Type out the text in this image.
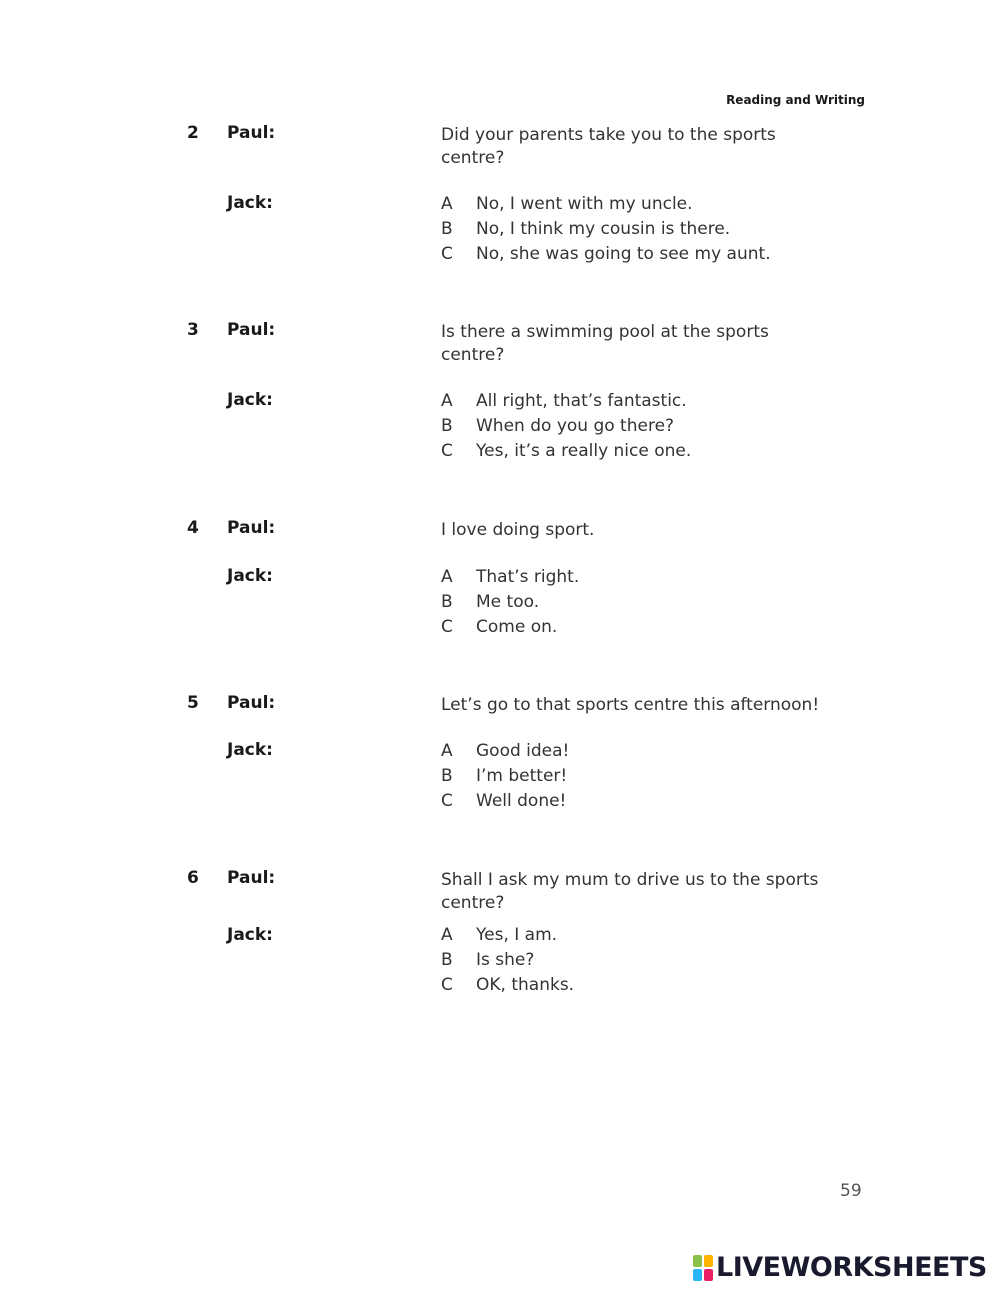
Reading and Writing
2 Paul:	Did your parents take you to the sports centre?
Jack:	A	No, I went with my uncle.
B	No, I think my cousin is there.
C	No, she was going to see my aunt.
3 Paul:	Is there a swimming pool at the sports centre?
Jack:	A	All right, that’s fantastic.
B	When do you go there?
C	Yes, it’s a really nice one.
4 Paul:	I love doing sport.
Jack:	A	That’s right.
B	Me too.
C	Come on.
5 Paul:	Let’s go to that sports centre this afternoon!
Jack:	A	Good idea!
B	I’m better!
C	Well done!
6 Paul:	Shall I ask my mum to drive us to the sports centre?
Jack:	A	Yes, I am.
B	Is she?
C	OK, thanks.
59
LIVEWORKSHEETS
